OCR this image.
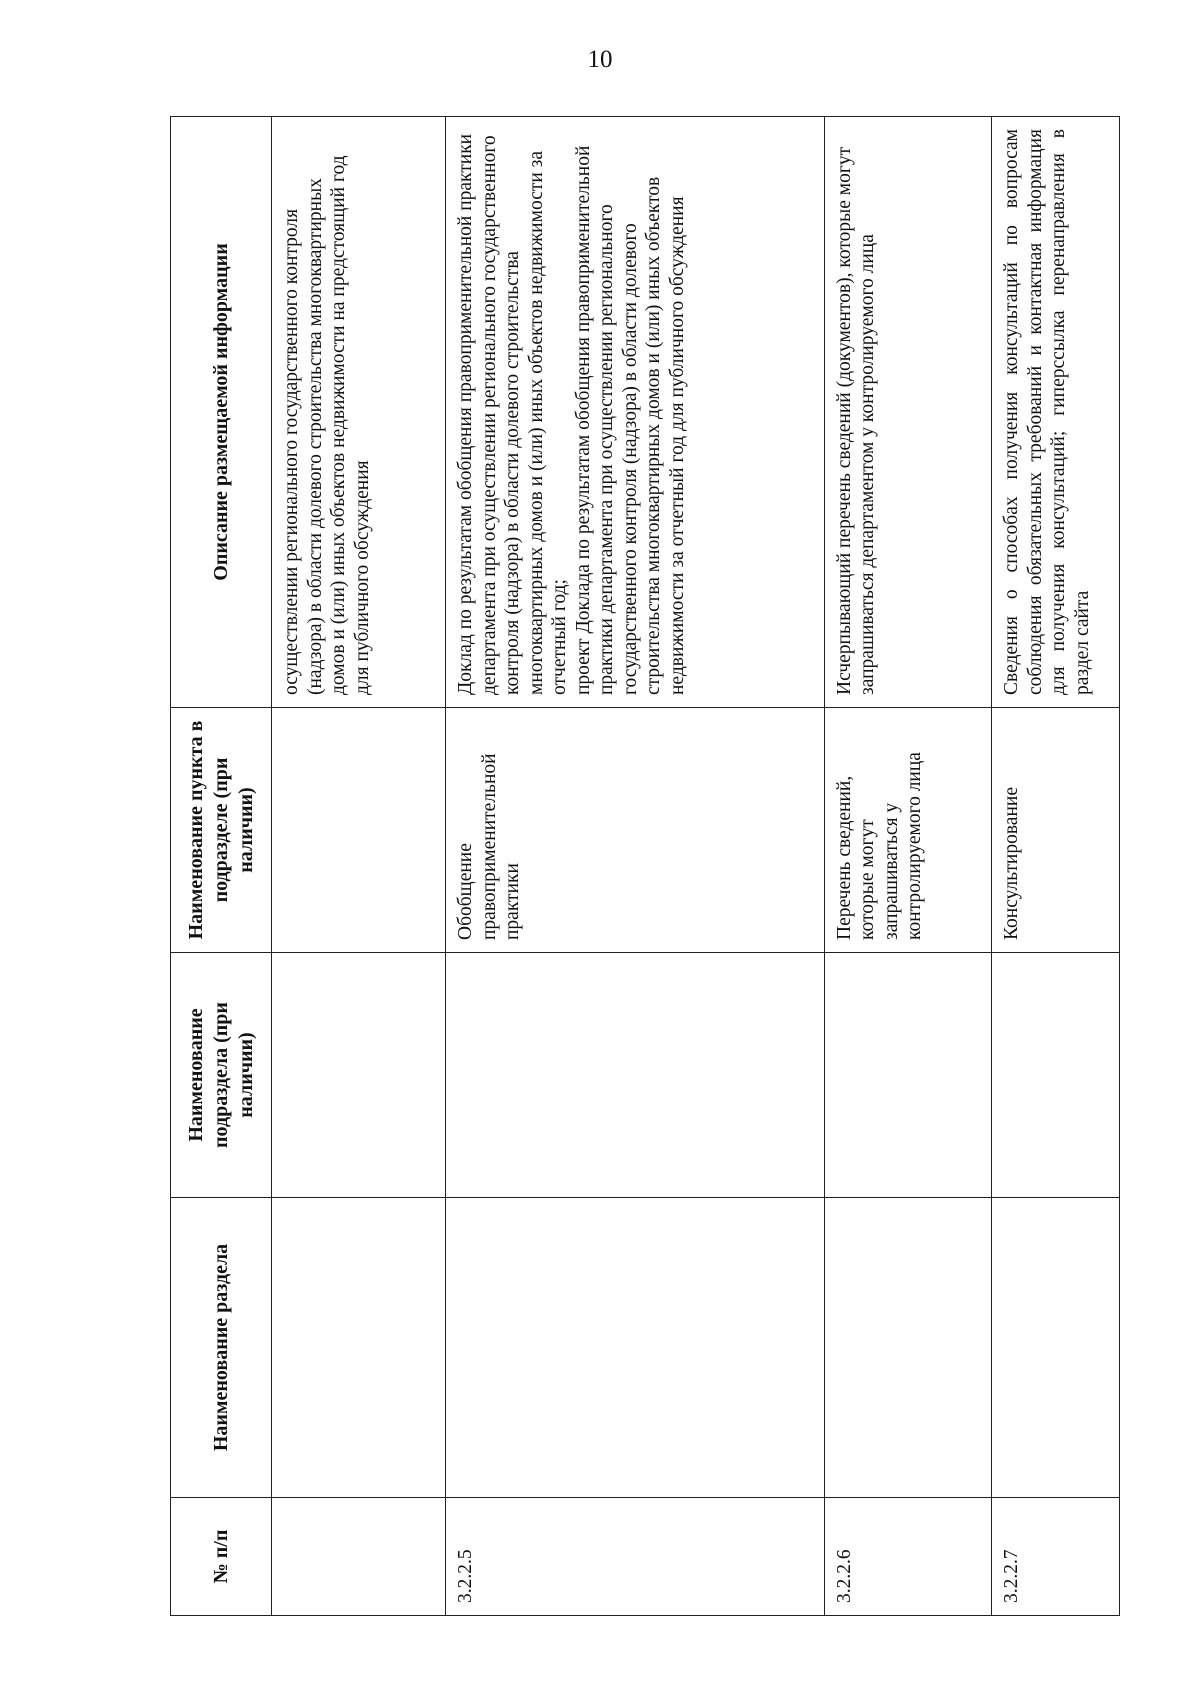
10
№ п/п	Наименование раздела	Наименование подраздела (при наличии)	Наименование пункта в подразделе (при наличии)	Описание размещаемой информации
				осуществлении регионального государственного контроля (надзора) в области долевого строительства многоквартирных домов и (или) иных объектов недвижимости на предстоящий год для публичного обсуждения
3.2.2.5			Обобщение правоприменительной практики	Доклад по результатам обобщения правоприменительной практики департамента при осуществлении регионального государственного контроля (надзора) в области долевого строительства многоквартирных домов и (или) иных объектов недвижимости за отчетный год;
проект Доклада по результатам обобщения правоприменительной практики департамента при осуществлении регионального государственного контроля (надзора) в области долевого строительства многоквартирных домов и (или) иных объектов недвижимости за отчетный год для публичного обсуждения
3.2.2.6			Перечень сведений, которые могут запрашиваться у контролируемого лица	Исчерпывающий перечень сведений (документов), которые могут запрашиваться департаментом у контролируемого лица
3.2.2.7			Консультирование	Сведения о способах получения консультаций по вопросам соблюдения обязательных требований и контактная информация для получения консультаций; гиперссылка перенаправления в раздел сайта
